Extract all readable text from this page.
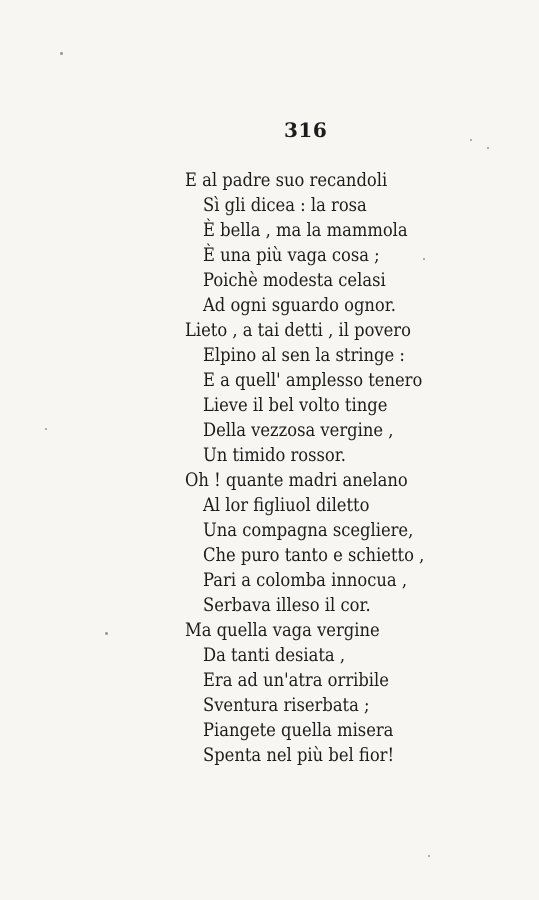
316
E al padre suo recandoli
Sì gli dicea : la rosa
È bella , ma la mammola
È una più vaga cosa ;
Poichè modesta celasi
Ad ogni sguardo ognor.
Lieto , a tai detti , il povero
Elpino al sen la stringe :
E a quell' amplesso tenero
Lieve il bel volto tinge
Della vezzosa vergine ,
Un timido rossor.
Oh ! quante madri anelano
Al lor figliuol diletto
Una compagna scegliere,
Che puro tanto e schietto ,
Pari a colomba innocua ,
Serbava illeso il cor.
Ma quella vaga vergine
Da tanti desiata ,
Era ad un'atra orribile
Sventura riserbata ;
Piangete quella misera
Spenta nel più bel fior!
